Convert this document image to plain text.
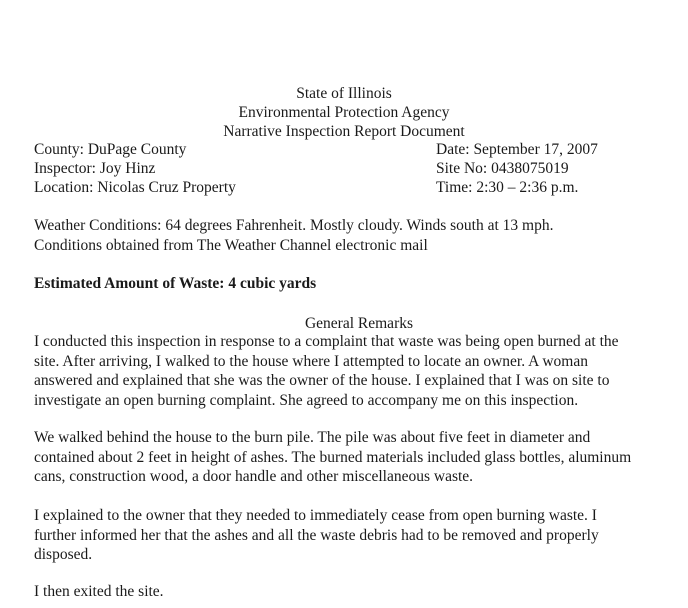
State of Illinois
Environmental Protection Agency
Narrative Inspection Report Document
County: DuPage County
Inspector: Joy Hinz
Location: Nicolas Cruz Property
Date: September 17, 2007
Site No: 0438075019
Time: 2:30 – 2:36 p.m.
Weather Conditions: 64 degrees Fahrenheit. Mostly cloudy. Winds south at 13 mph.
Conditions obtained from The Weather Channel electronic mail
Estimated Amount of Waste: 4 cubic yards
General Remarks
I conducted this inspection in response to a complaint that waste was being open burned at the
site. After arriving, I walked to the house where I attempted to locate an owner. A woman
answered and explained that she was the owner of the house. I explained that I was on site to
investigate an open burning complaint. She agreed to accompany me on this inspection.
We walked behind the house to the burn pile. The pile was about five feet in diameter and
contained about 2 feet in height of ashes. The burned materials included glass bottles, aluminum
cans, construction wood, a door handle and other miscellaneous waste.
I explained to the owner that they needed to immediately cease from open burning waste. I
further informed her that the ashes and all the waste debris had to be removed and properly
disposed.
I then exited the site.
